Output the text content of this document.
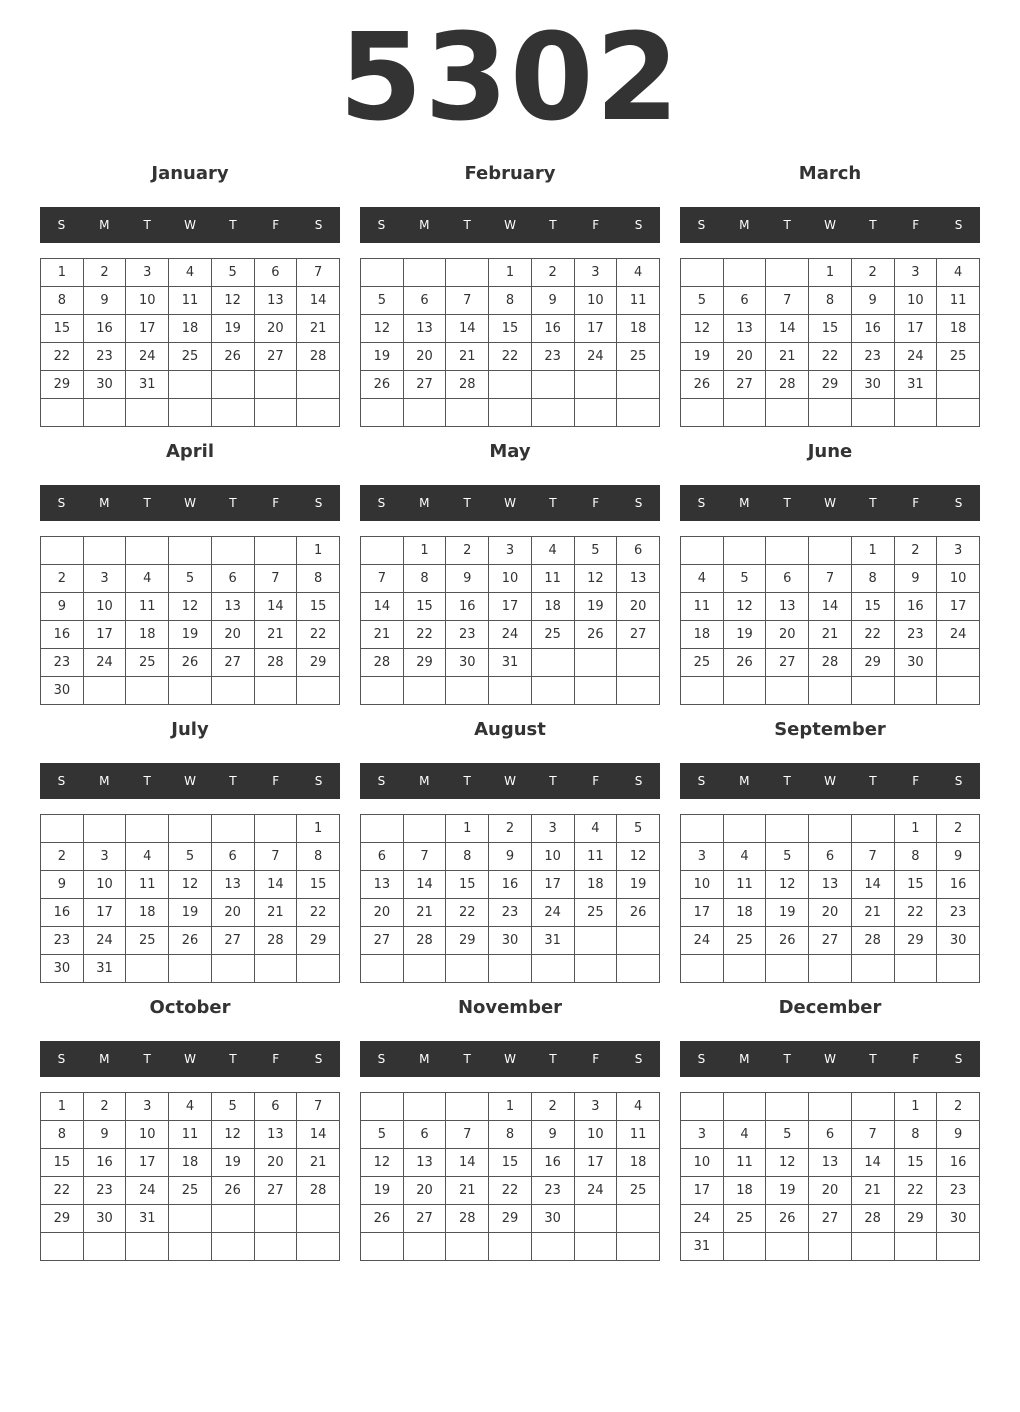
5302
January
S	M	T	W	T	F	S
1	2	3	4	5	6	7
8	9	10	11	12	13	14
15	16	17	18	19	20	21
22	23	24	25	26	27	28
29	30	31				

February
S	M	T	W	T	F	S
			1	2	3	4
5	6	7	8	9	10	11
12	13	14	15	16	17	18
19	20	21	22	23	24	25
26	27	28				

March
S	M	T	W	T	F	S
			1	2	3	4
5	6	7	8	9	10	11
12	13	14	15	16	17	18
19	20	21	22	23	24	25
26	27	28	29	30	31	

April
S	M	T	W	T	F	S
						1
2	3	4	5	6	7	8
9	10	11	12	13	14	15
16	17	18	19	20	21	22
23	24	25	26	27	28	29
30						
May
S	M	T	W	T	F	S
	1	2	3	4	5	6
7	8	9	10	11	12	13
14	15	16	17	18	19	20
21	22	23	24	25	26	27
28	29	30	31			

June
S	M	T	W	T	F	S
				1	2	3
4	5	6	7	8	9	10
11	12	13	14	15	16	17
18	19	20	21	22	23	24
25	26	27	28	29	30	

July
S	M	T	W	T	F	S
						1
2	3	4	5	6	7	8
9	10	11	12	13	14	15
16	17	18	19	20	21	22
23	24	25	26	27	28	29
30	31					
August
S	M	T	W	T	F	S
		1	2	3	4	5
6	7	8	9	10	11	12
13	14	15	16	17	18	19
20	21	22	23	24	25	26
27	28	29	30	31		

September
S	M	T	W	T	F	S
					1	2
3	4	5	6	7	8	9
10	11	12	13	14	15	16
17	18	19	20	21	22	23
24	25	26	27	28	29	30

October
S	M	T	W	T	F	S
1	2	3	4	5	6	7
8	9	10	11	12	13	14
15	16	17	18	19	20	21
22	23	24	25	26	27	28
29	30	31				

November
S	M	T	W	T	F	S
			1	2	3	4
5	6	7	8	9	10	11
12	13	14	15	16	17	18
19	20	21	22	23	24	25
26	27	28	29	30		

December
S	M	T	W	T	F	S
					1	2
3	4	5	6	7	8	9
10	11	12	13	14	15	16
17	18	19	20	21	22	23
24	25	26	27	28	29	30
31						
